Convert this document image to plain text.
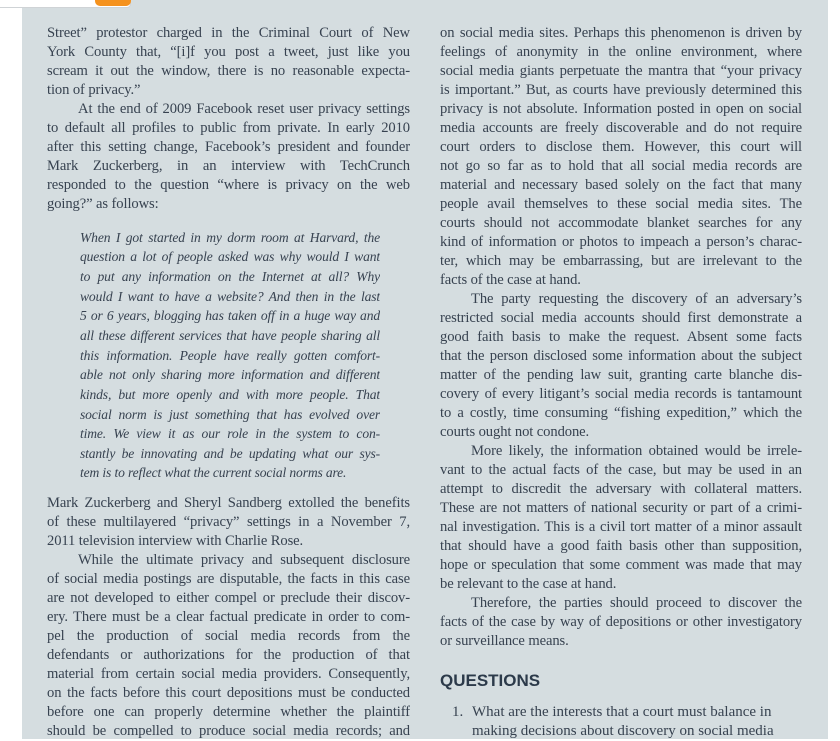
Street” protestor charged in the Criminal Court of New
York County that, “[i]f you post a tweet, just like you
scream it out the window, there is no reasonable expecta-
tion of privacy.”
At the end of 2009 Facebook reset user privacy settings
to default all profiles to public from private. In early 2010
after this setting change, Facebook’s president and founder
Mark Zuckerberg, in an interview with TechCrunch
responded to the question “where is privacy on the web
going?” as follows:
When I got started in my dorm room at Harvard, the
question a lot of people asked was why would I want
to put any information on the Internet at all? Why
would I want to have a website? And then in the last
5 or 6 years, blogging has taken off in a huge way and
all these different services that have people sharing all
this information. People have really gotten comfort-
able not only sharing more information and different
kinds, but more openly and with more people. That
social norm is just something that has evolved over
time. We view it as our role in the system to con-
stantly be innovating and be updating what our sys-
tem is to reflect what the current social norms are.
Mark Zuckerberg and Sheryl Sandberg extolled the benefits
of these multilayered “privacy” settings in a November 7,
2011 television interview with Charlie Rose.
While the ultimate privacy and subsequent disclosure
of social media postings are disputable, the facts in this case
are not developed to either compel or preclude their discov-
ery. There must be a clear factual predicate in order to com-
pel the production of social media records from the
defendants or authorizations for the production of that
material from certain social media providers. Consequently,
on the facts before this court depositions must be conducted
before one can properly determine whether the plaintiff
should be compelled to produce social media records; and
on social media sites. Perhaps this phenomenon is driven by
feelings of anonymity in the online environment, where
social media giants perpetuate the mantra that “your privacy
is important.” But, as courts have previously determined this
privacy is not absolute. Information posted in open on social
media accounts are freely discoverable and do not require
court orders to disclose them. However, this court will
not go so far as to hold that all social media records are
material and necessary based solely on the fact that many
people avail themselves to these social media sites. The
courts should not accommodate blanket searches for any
kind of information or photos to impeach a person’s charac-
ter, which may be embarrassing, but are irrelevant to the
facts of the case at hand.
The party requesting the discovery of an adversary’s
restricted social media accounts should first demonstrate a
good faith basis to make the request. Absent some facts
that the person disclosed some information about the subject
matter of the pending law suit, granting carte blanche dis-
covery of every litigant’s social media records is tantamount
to a costly, time consuming “fishing expedition,” which the
courts ought not condone.
More likely, the information obtained would be irrele-
vant to the actual facts of the case, but may be used in an
attempt to discredit the adversary with collateral matters.
These are not matters of national security or part of a crimi-
nal investigation. This is a civil tort matter of a minor assault
that should have a good faith basis other than supposition,
hope or speculation that some comment was made that may
be relevant to the case at hand.
Therefore, the parties should proceed to discover the
facts of the case by way of depositions or other investigatory
or surveillance means.
QUESTIONS
1. What are the interests that a court must balance in
making decisions about discovery on social media
